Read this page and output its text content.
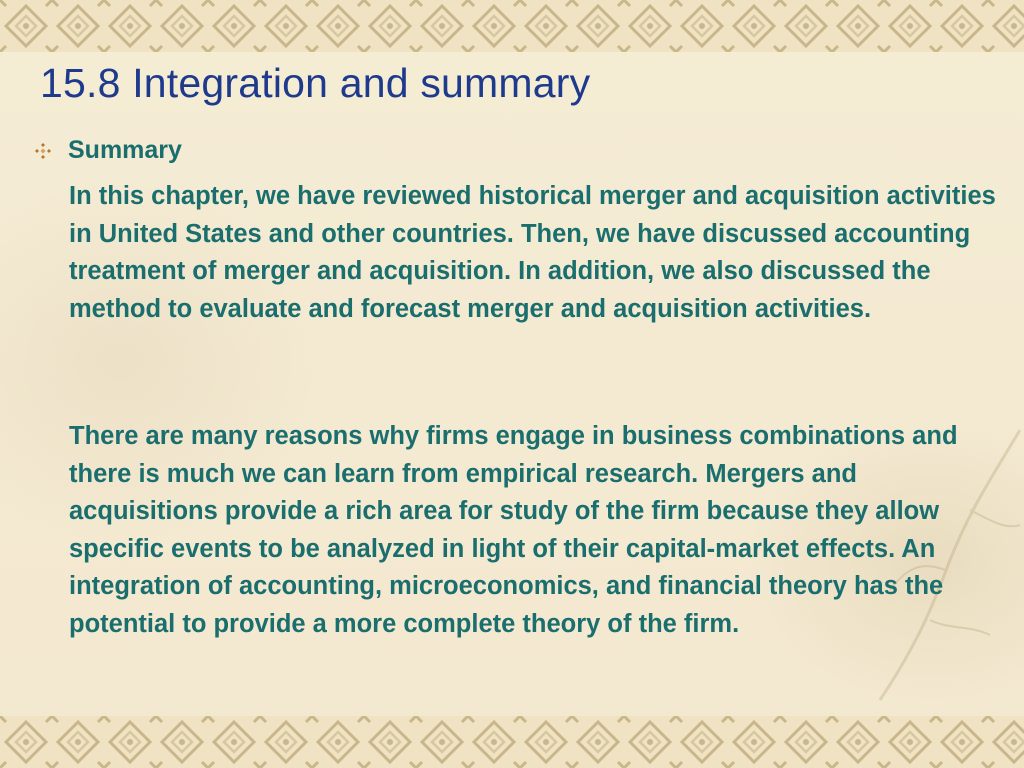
15.8 Integration and summary
Summary

In this chapter, we have reviewed historical merger and acquisition activities in United States and other countries. Then, we have discussed accounting treatment of merger and acquisition. In addition, we also discussed the method to evaluate and forecast merger and acquisition activities.

There are many reasons why firms engage in business combinations and there is much we can learn from empirical research. Mergers and acquisitions provide a rich area for study of the firm because they allow specific events to be analyzed in light of their capital-market effects. An integration of accounting, microeconomics, and financial theory has the potential to provide a more complete theory of the firm.
